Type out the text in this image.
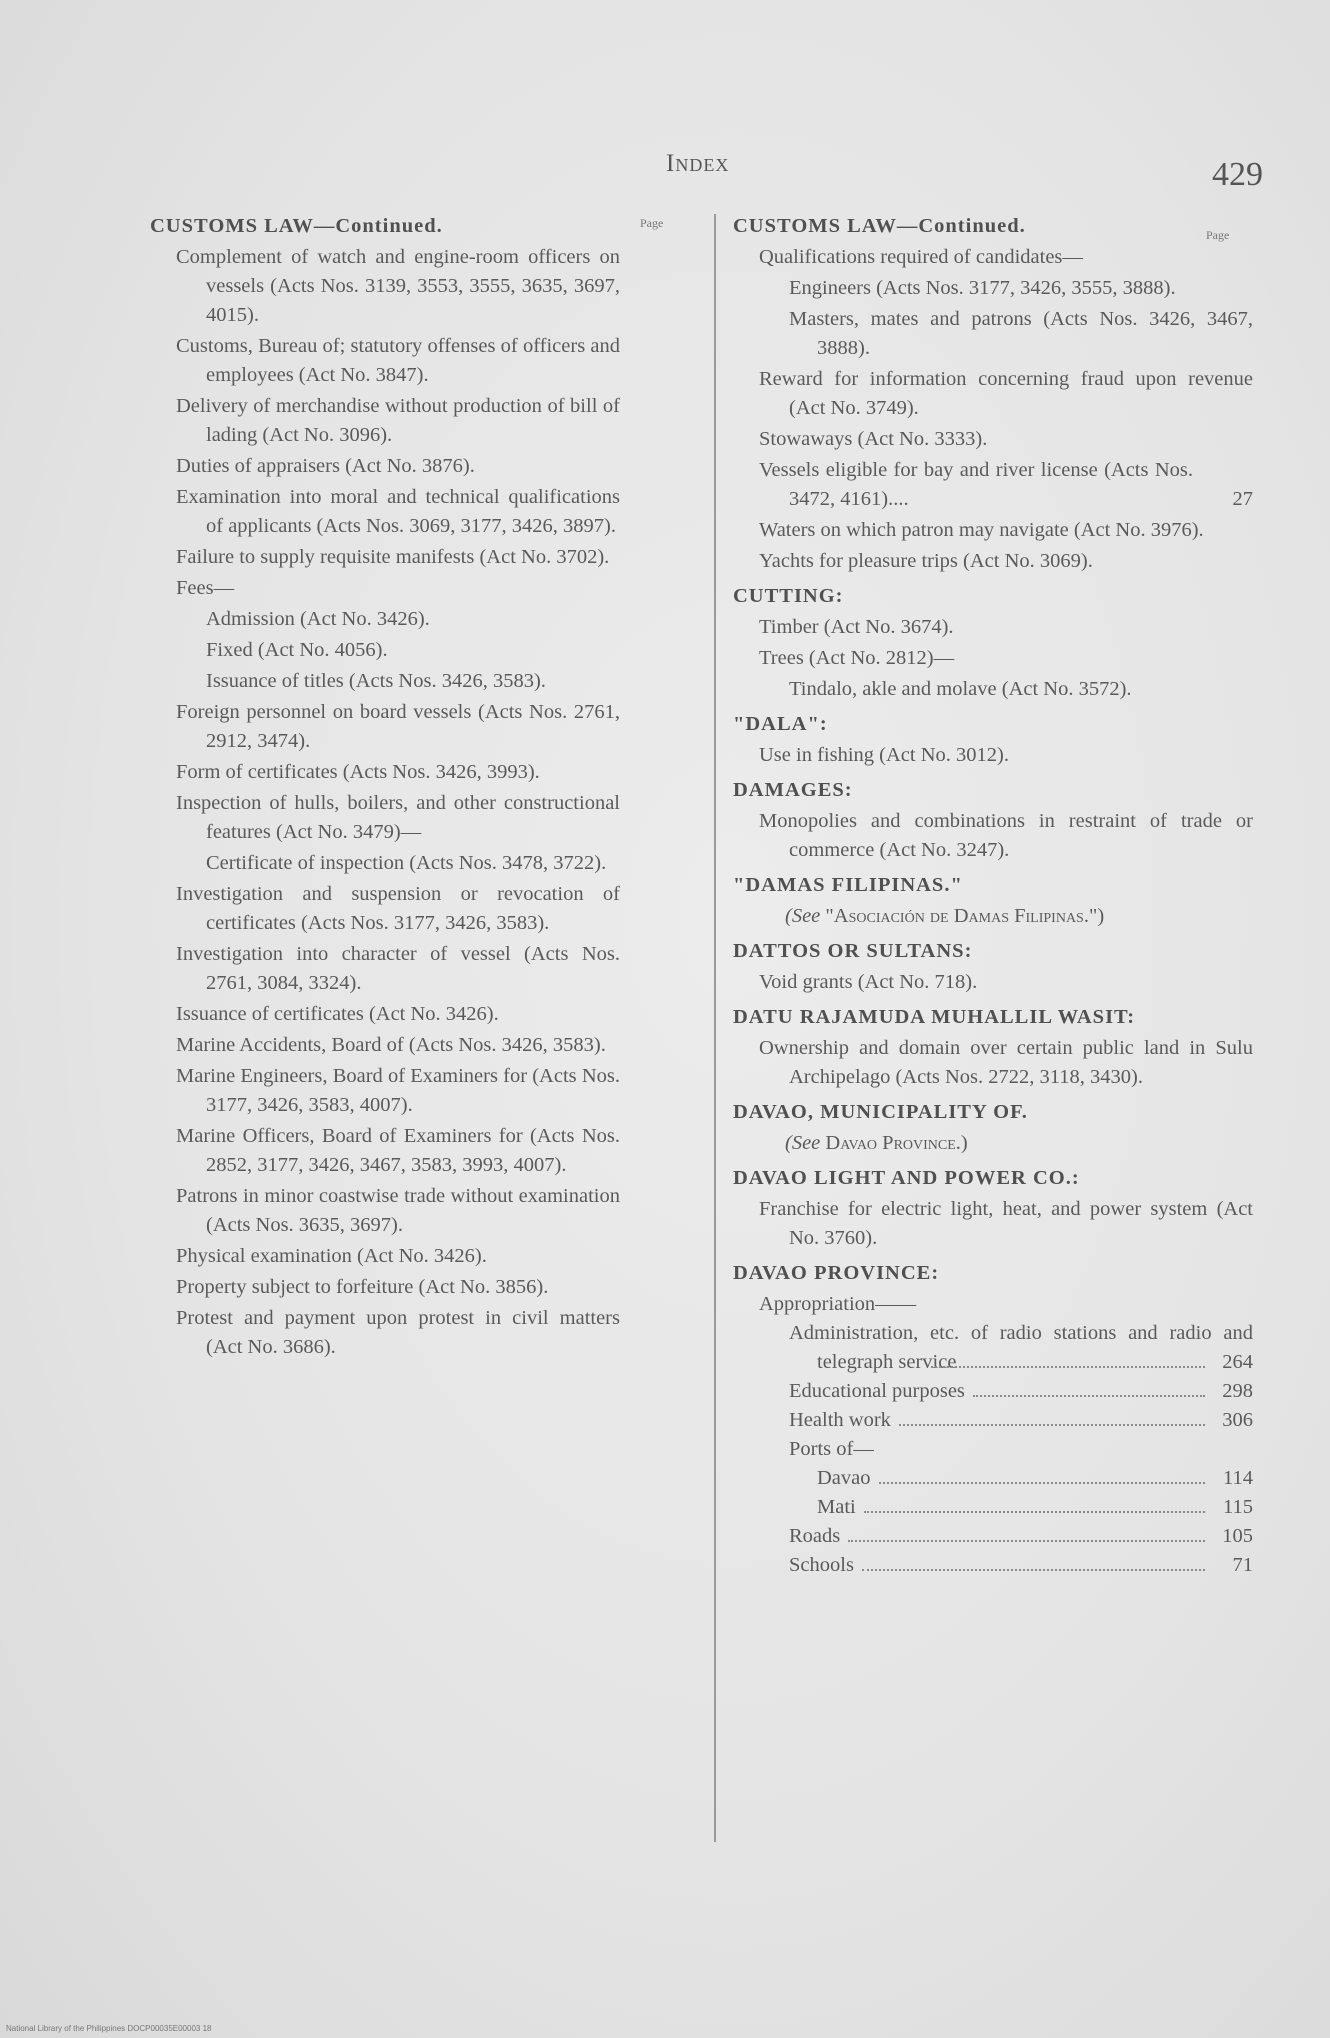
Index	429
Page
Page
CUSTOMS LAW—Continued.
Complement of watch and engine-room officers on vessels (Acts Nos. 3139, 3553, 3555, 3635, 3697, 4015).
Customs, Bureau of; statutory offenses of officers and employees (Act No. 3847).
Delivery of merchandise without production of bill of lading (Act No. 3096).
Duties of appraisers (Act No. 3876).
Examination into moral and technical qualifications of applicants (Acts Nos. 3069, 3177, 3426, 3897).
Failure to supply requisite manifests (Act No. 3702).
Fees—
Admission (Act No. 3426).
Fixed (Act No. 4056).
Issuance of titles (Acts Nos. 3426, 3583).
Foreign personnel on board vessels (Acts Nos. 2761, 2912, 3474).
Form of certificates (Acts Nos. 3426, 3993).
Inspection of hulls, boilers, and other constructional features (Act No. 3479)—
Certificate of inspection (Acts Nos. 3478, 3722).
Investigation and suspension or revocation of certificates (Acts Nos. 3177, 3426, 3583).
Investigation into character of vessel (Acts Nos. 2761, 3084, 3324).
Issuance of certificates (Act No. 3426).
Marine Accidents, Board of (Acts Nos. 3426, 3583).
Marine Engineers, Board of Examiners for (Acts Nos. 3177, 3426, 3583, 4007).
Marine Officers, Board of Examiners for (Acts Nos. 2852, 3177, 3426, 3467, 3583, 3993, 4007).
Patrons in minor coastwise trade without examination (Acts Nos. 3635, 3697).
Physical examination (Act No. 3426).
Property subject to forfeiture (Act No. 3856).
Protest and payment upon protest in civil matters (Act No. 3686).
CUSTOMS LAW—Continued.
Qualifications required of candidates—
Engineers (Acts Nos. 3177, 3426, 3555, 3888).
Masters, mates and patrons (Acts Nos. 3426, 3467, 3888).
Reward for information concerning fraud upon revenue (Act No. 3749).
Stowaways (Act No. 3333).
Vessels eligible for bay and river license (Acts Nos. 3472, 4161)....	27
Waters on which patron may navigate (Act No. 3976).
Yachts for pleasure trips (Act No. 3069).
CUTTING:
Timber (Act No. 3674).
Trees (Act No. 2812)—
Tindalo, akle and molave (Act No. 3572).
"DALA":
Use in fishing (Act No. 3012).
DAMAGES:
Monopolies and combinations in restraint of trade or commerce (Act No. 3247).
"DAMAS FILIPINAS."
(See "Asociación de Damas Filipinas.")
DATTOS OR SULTANS:
Void grants (Act No. 718).
DATU RAJAMUDA MUHALLIL WASIT:
Ownership and domain over certain public land in Sulu Archipelago (Acts Nos. 2722, 3118, 3430).
DAVAO, MUNICIPALITY OF.
(See Davao Province.)
DAVAO LIGHT AND POWER CO.:
Franchise for electric light, heat, and power system (Act No. 3760).
DAVAO PROVINCE:
Appropriation——
Administration, etc. of radio stations and radio and telegraph service	264
Educational purposes	298
Health work	306
Ports of—
Davao	114
Mati	115
Roads	105
Schools	71
National Library of the Philippines DOCP00035E00003 18
